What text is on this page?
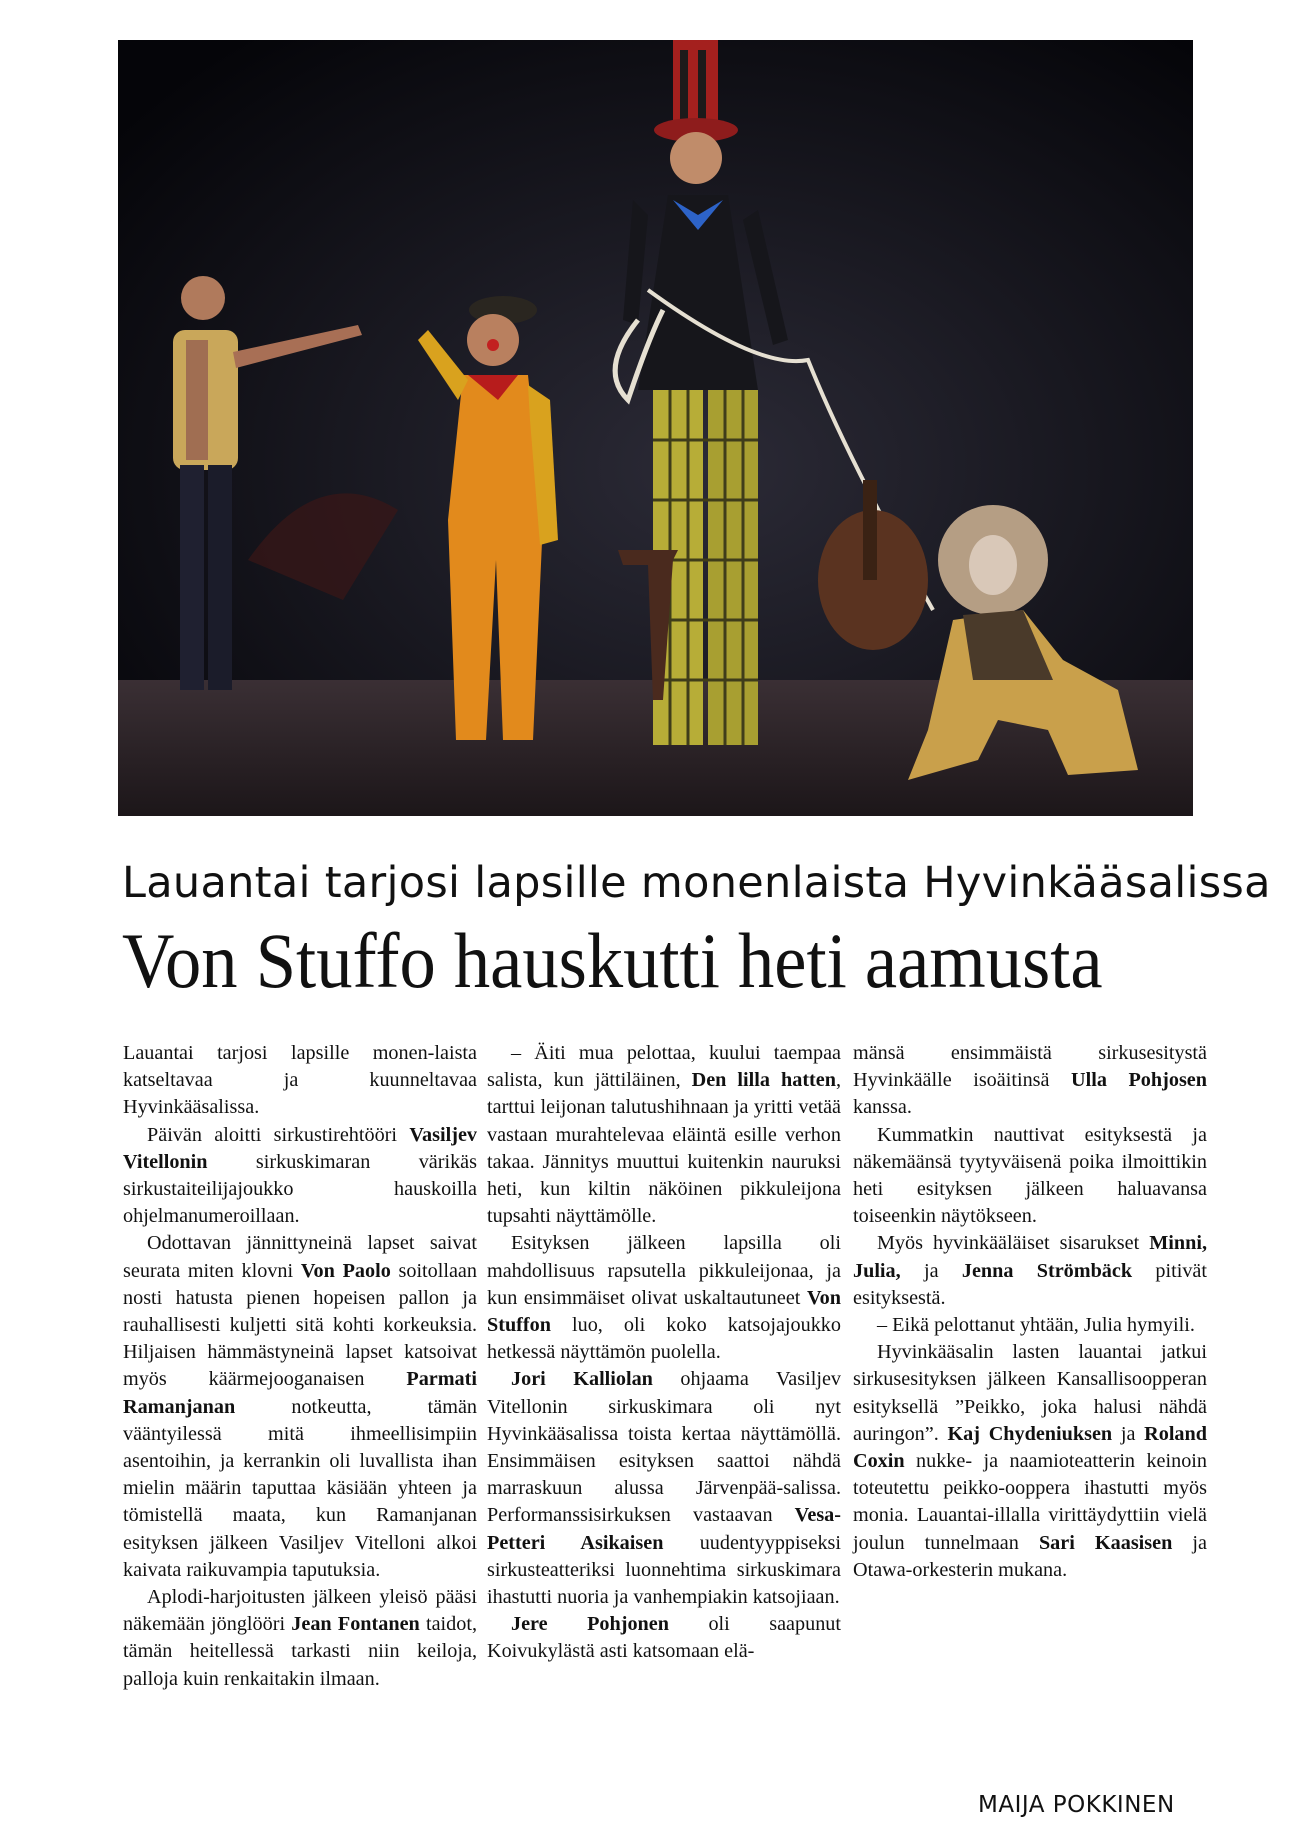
Lauantai tarjosi lapsille monenlaista Hyvinkääsalissa
Von Stuffo hauskutti heti aamusta

Lauantai tarjosi lapsille monen-laista katseltavaa ja kuunneltavaa Hyvinkääsalissa.

Päivän aloitti sirkustirehtööri Vasiljev Vitellonin sirkuskimaran värikäs sirkustaiteilijajoukko hauskoilla ohjelmanumeroillaan.

Odottavan jännittyneinä lapset saivat seurata miten klovni Von Paolo soitollaan nosti hatusta pienen hopeisen pallon ja rauhallisesti kuljetti sitä kohti korkeuksia. Hiljaisen hämmästyneinä lapset katsoivat myös käärmejooganaisen Parmati Ramanjanan notkeutta, tämän vääntyilessä mitä ihmeellisimpiin asentoihin, ja kerrankin oli luvallista ihan mielin määrin taputtaa käsiään yhteen ja tömistellä maata, kun Ramanjanan esityksen jälkeen Vasiljev Vitelloni alkoi kaivata raikuvampia taputuksia.

Aplodi-harjoitusten jälkeen yleisö pääsi näkemään jönglööri Jean Fontanen taidot, tämän heitellessä tarkasti niin keiloja, palloja kuin renkaitakin ilmaan.

– Äiti mua pelottaa, kuului taempaa salista, kun jättiläinen, Den lilla hatten, tarttui leijonan talutushihnaan ja yritti vetää vastaan murahtelevaa eläintä esille verhon takaa. Jännitys muuttui kuitenkin nauruksi heti, kun kiltin näköinen pikkuleijona tupsahti näyttämölle.

Esityksen jälkeen lapsilla oli mahdollisuus rapsutella pikkuleijonaa, ja kun ensimmäiset olivat uskaltautuneet Von Stuffon luo, oli koko katsojajoukko hetkessä näyttämön puolella.

Jori Kalliolan ohjaama Vasiljev Vitellonin sirkuskimara oli nyt Hyvinkääsalissa toista kertaa näyttämöllä. Ensimmäisen esityksen saattoi nähdä marraskuun alussa Järvenpää-salissa. Performanssisirkuksen vastaavan Vesa-Petteri Asikaisen uudentyyppiseksi sirkusteatteriksi luonnehtima sirkuskimara ihastutti nuoria ja vanhempiakin katsojiaan.

Jere Pohjonen oli saapunut Koivukylästä asti katsomaan elä-

mänsä ensimmäistä sirkusesitystä Hyvinkäälle isoäitinsä Ulla Pohjosen kanssa.

Kummatkin nauttivat esityksestä ja näkemäänsä tyytyväisenä poika ilmoittikin heti esityksen jälkeen haluavansa toiseenkin näytökseen.

Myös hyvinkääläiset sisarukset Minni, Julia, ja Jenna Strömbäck pitivät esityksestä.

– Eikä pelottanut yhtään, Julia hymyili.

Hyvinkääsalin lasten lauantai jatkui sirkusesityksen jälkeen Kansallisoopperan esityksellä ”Peikko, joka halusi nähdä auringon”. Kaj Chydeniuksen ja Roland Coxin nukke- ja naamioteatterin keinoin toteutettu peikko-ooppera ihastutti myös monia. Lauantai-illalla virittäydyttiin vielä joulun tunnelmaan Sari Kaasisen ja Otawa-orkesterin mukana.

MAIJA POKKINEN
